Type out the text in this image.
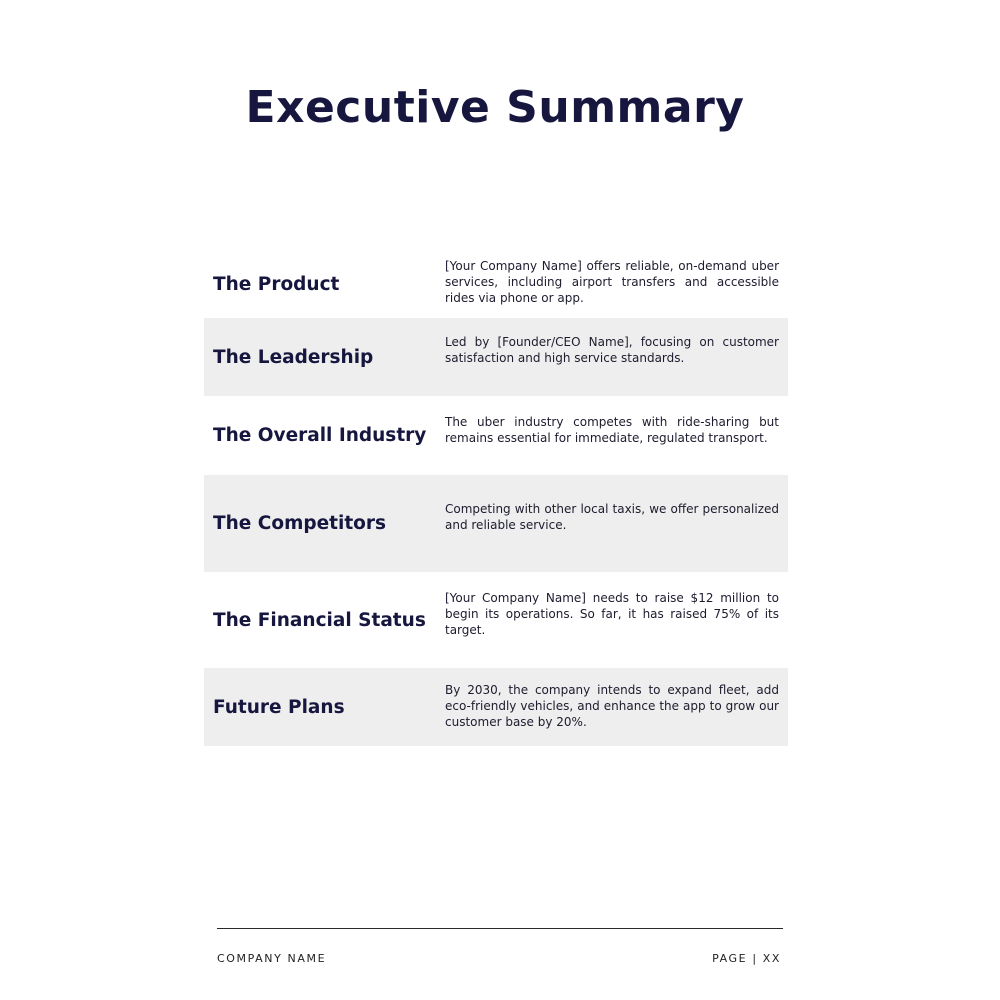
Executive Summary
The Product
[Your Company Name] offers reliable, on-demand uber services, including airport transfers and accessible rides via phone or app.
The Leadership
Led by [Founder/CEO Name], focusing on customer satisfaction and high service standards.
The Overall Industry
The uber industry competes with ride-sharing but remains essential for immediate, regulated transport.
The Competitors
Competing with other local taxis, we offer personalized and reliable service.
The Financial Status
[Your Company Name] needs to raise $12 million to begin its operations. So far, it has raised 75% of its target.
Future Plans
By 2030, the company intends to expand fleet, add eco-friendly vehicles, and enhance the app to grow our customer base by 20%.
COMPANY NAME	PAGE | XX
